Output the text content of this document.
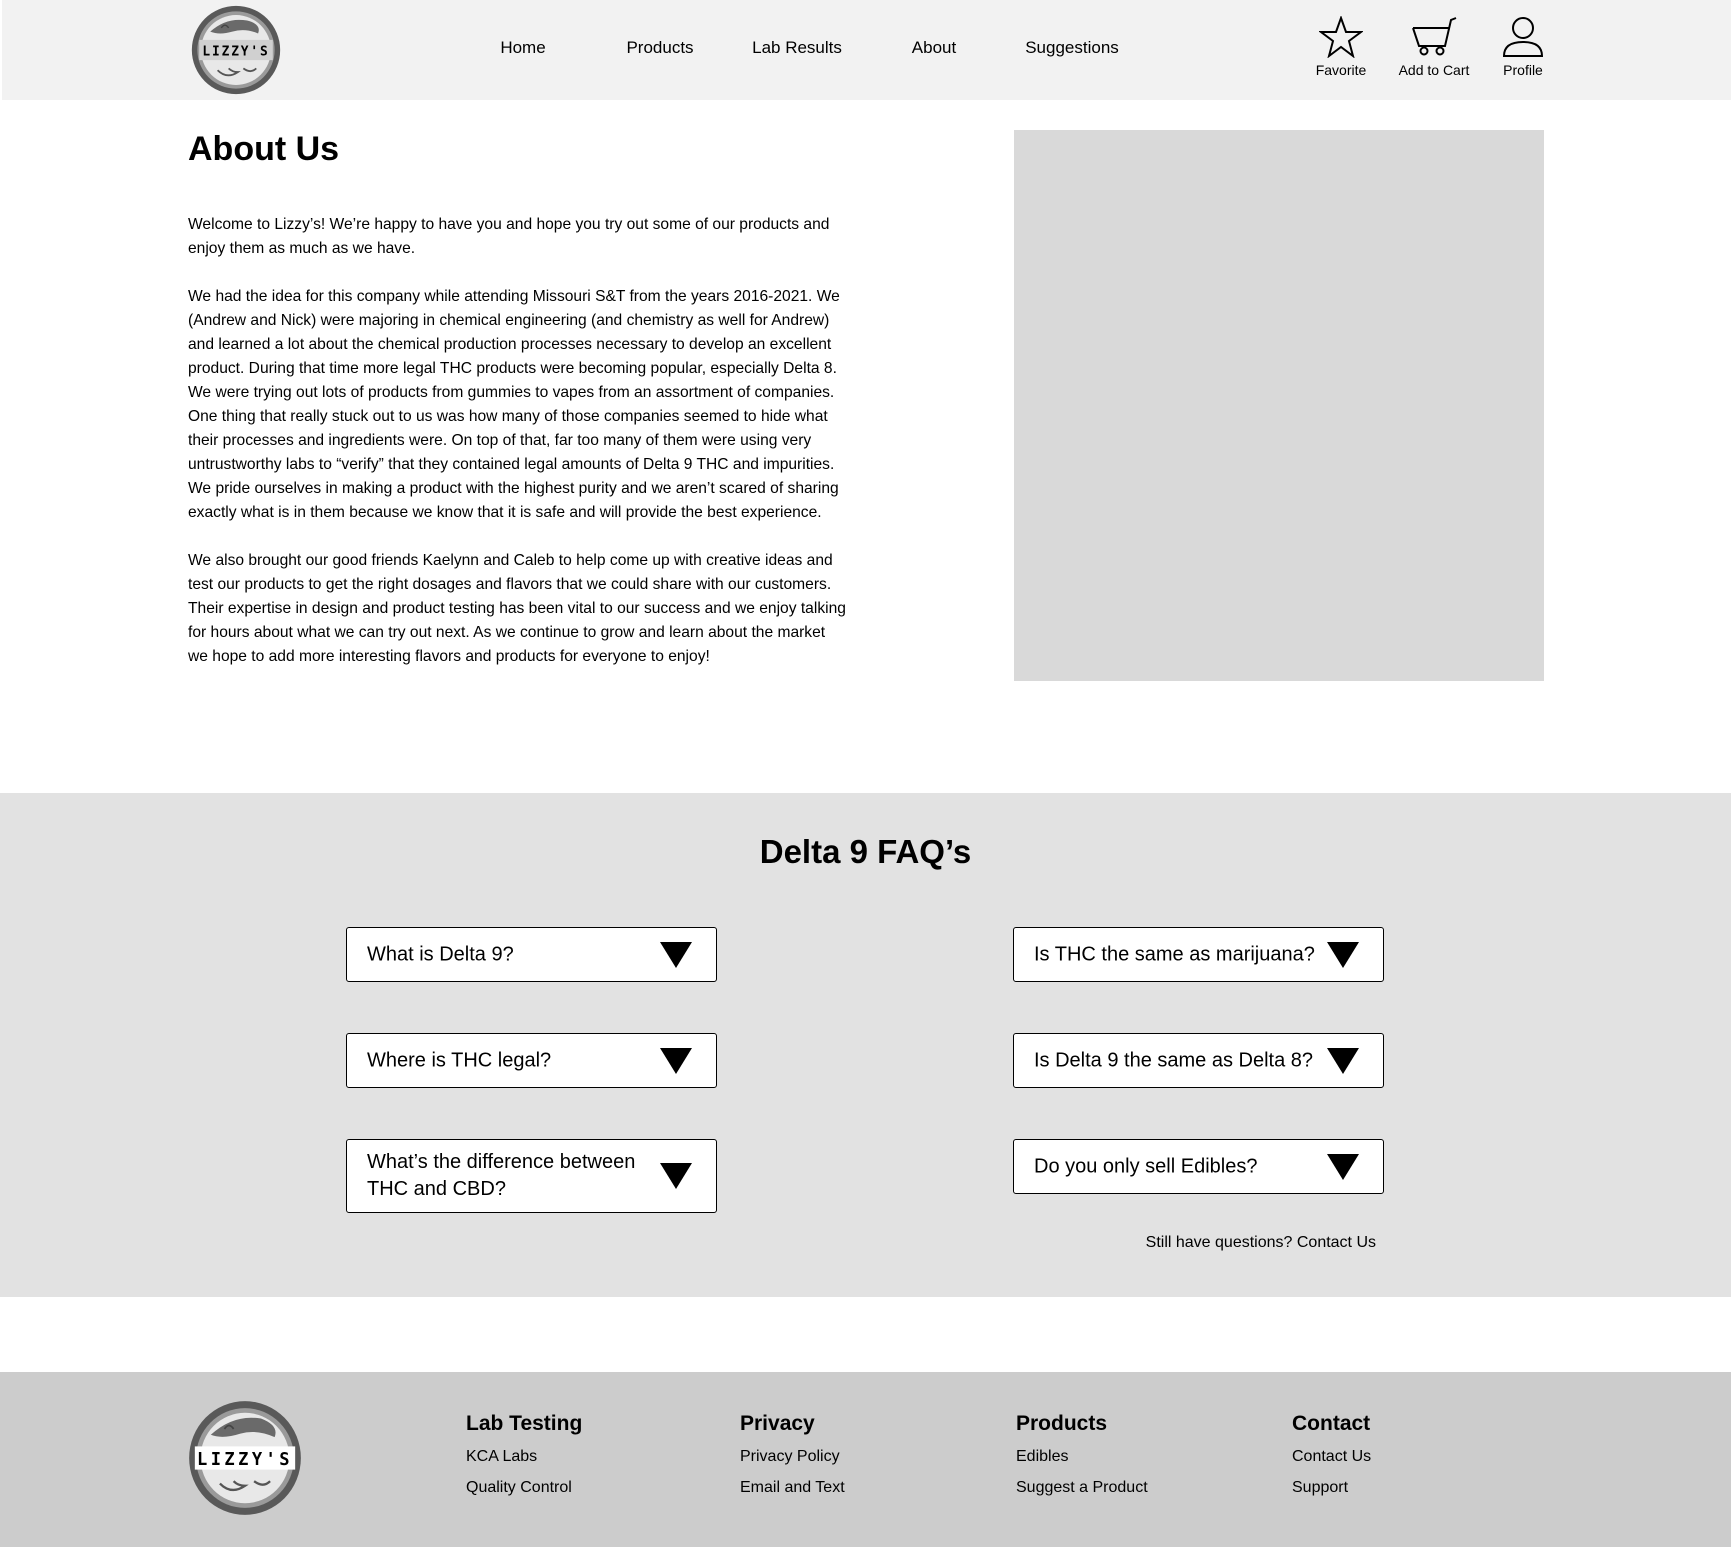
LIZZY'S	Home	Products	Lab Results	About	Suggestions
Favorite	Add to Cart	Profile
About Us

Welcome to Lizzy’s! We’re happy to have you and hope you try out some of our products and enjoy them as much as we have.

We had the idea for this company while attending Missouri S&T from the years 2016-2021. We (Andrew and Nick) were majoring in chemical engineering (and chemistry as well for Andrew) and learned a lot about the chemical production processes necessary to develop an excellent product. During that time more legal THC products were becoming popular, especially Delta 8. We were trying out lots of products from gummies to vapes from an assortment of companies. One thing that really stuck out to us was how many of those companies seemed to hide what their processes and ingredients were. On top of that, far too many of them were using very untrustworthy labs to “verify” that they contained legal amounts of Delta 9 THC and impurities. We pride ourselves in making a product with the highest purity and we aren’t scared of sharing exactly what is in them because we know that it is safe and will provide the best experience.

We also brought our good friends Kaelynn and Caleb to help come up with creative ideas and test our products to get the right dosages and flavors that we could share with our customers. Their expertise in design and product testing has been vital to our success and we enjoy talking for hours about what we can try out next. As we continue to grow and learn about the market we hope to add more interesting flavors and products for everyone to enjoy!

Delta 9 FAQ’s
What is Delta 9?	Is THC the same as marijuana?
Where is THC legal?	Is Delta 9 the same as Delta 8?
What’s the difference between THC and CBD?
Do you only sell Edibles?
Still have questions? Contact Us
LIZZY'S
Lab Testing
KCA Labs
Quality Control
Privacy
Privacy Policy
Email and Text
Products
Edibles
Suggest a Product
Contact
Contact Us
Support
